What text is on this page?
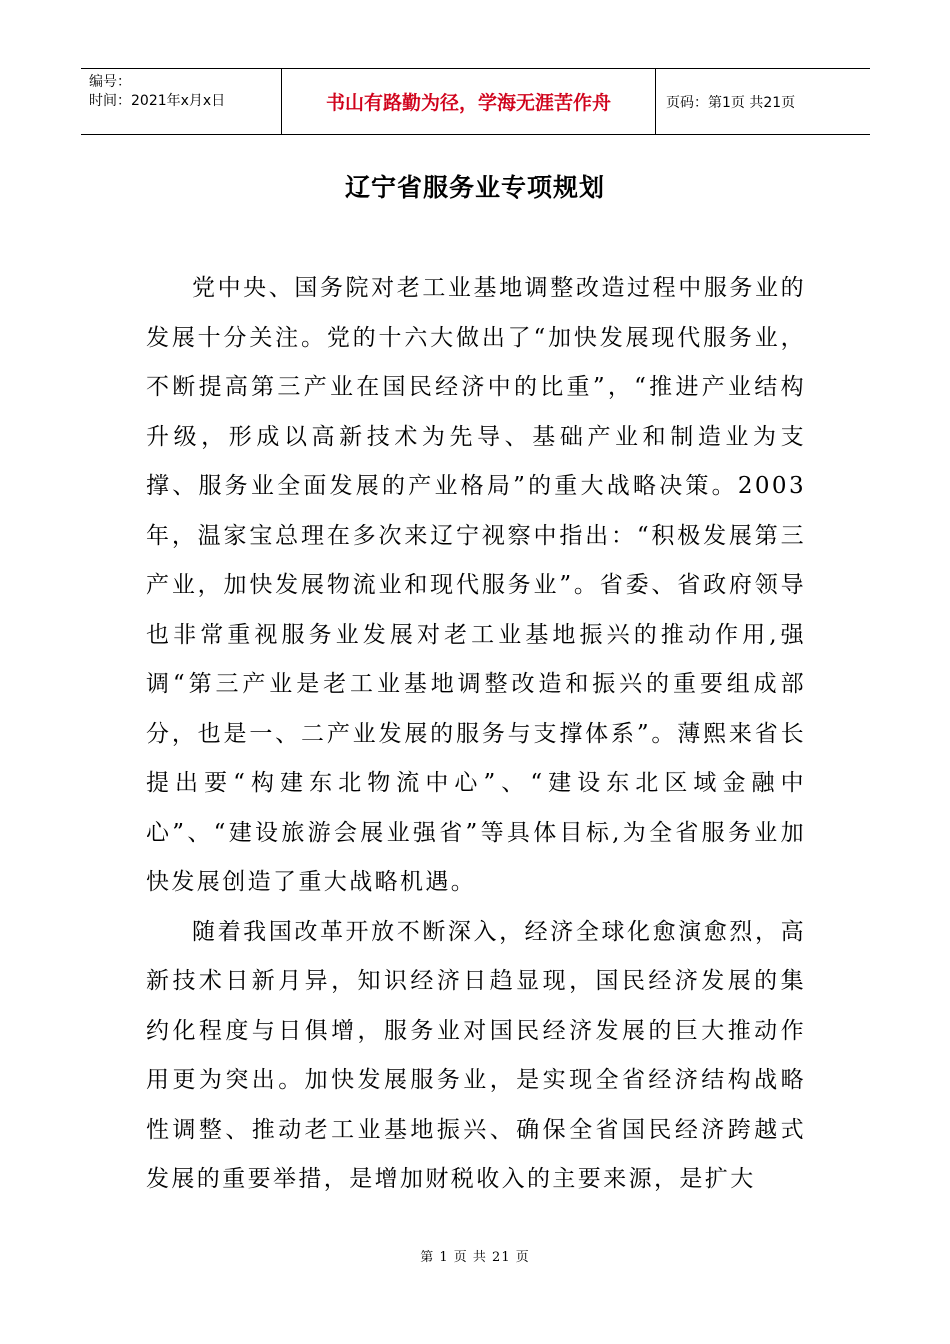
编号：
时间：2021年x月x日	书山有路勤为径，学海无涯苦作舟	页码：第1页 共21页
辽宁省服务业专项规划

党中央、国务院对老工业基地调整改造过程中服务业的发展十分关注。党的十六大做出了“加快发展现代服务业，不断提高第三产业在国民经济中的比重”，“推进产业结构升级，形成以高新技术为先导、基础产业和制造业为支撑、服务业全面发展的产业格局”的重大战略决策。2003年，温家宝总理在多次来辽宁视察中指出：“积极发展第三产业，加快发展物流业和现代服务业”。省委、省政府领导也非常重视服务业发展对老工业基地振兴的推动作用,强调“第三产业是老工业基地调整改造和振兴的重要组成部分，也是一、二产业发展的服务与支撑体系”。薄熙来省长提出要“构建东北物流中心”、“建设东北区域金融中心”、“建设旅游会展业强省”等具体目标,为全省服务业加快发展创造了重大战略机遇。

随着我国改革开放不断深入，经济全球化愈演愈烈，高新技术日新月异，知识经济日趋显现，国民经济发展的集约化程度与日俱增，服务业对国民经济发展的巨大推动作用更为突出。加快发展服务业，是实现全省经济结构战略性调整、推动老工业基地振兴、确保全省国民经济跨越式发展的重要举措，是增加财税收入的主要来源，是扩大

第 1 页 共 21 页
